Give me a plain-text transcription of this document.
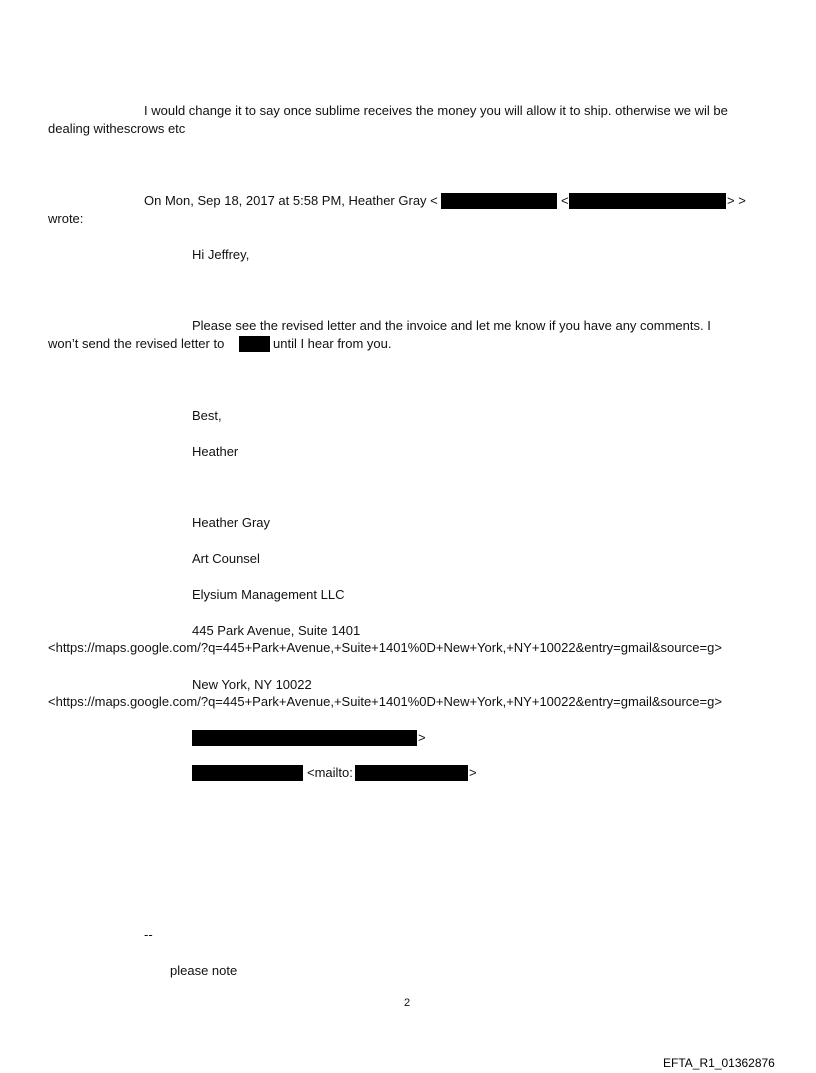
I would change it to say once sublime receives the money you will allow it to ship. otherwise we wil be
dealing withescrows etc
On Mon, Sep 18, 2017 at 5:58 PM, Heather Gray <	<	> >
wrote:
Hi Jeffrey,
Please see the revised letter and the invoice and let me know if you have any comments. I
won’t send the revised letter to	until I hear from you.
Best,
Heather
Heather Gray
Art Counsel
Elysium Management LLC
445 Park Avenue, Suite 1401
<https://maps.google.com/?q=445+Park+Avenue,+Suite+1401%0D+New+York,+NY+10022&entry=gmail&source=g>
New York, NY 10022
<https://maps.google.com/?q=445+Park+Avenue,+Suite+1401%0D+New+York,+NY+10022&entry=gmail&source=g>
>
<mailto:	>
--
please note
2
EFTA_R1_01362876
